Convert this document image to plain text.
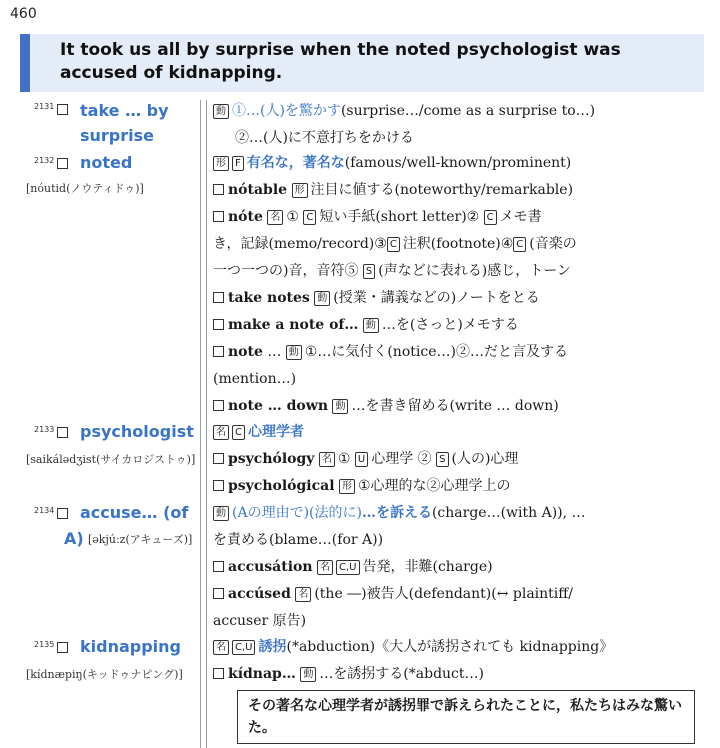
460
It took us all by surprise when the noted psychologist was accused of kidnapping.
2131 take … by
surprise
動 ①…(人)を驚かす(surprise…/come as a surprise to…)
②…(人)に不意打ちをかける
2132 noted
[nóutid(ノウティドゥ)]
形 F 有名な，著名な(famous/well-known/prominent)
nótable 形 注目に値する(noteworthy/remarkable)
nóte 名 ① C 短い手紙(short letter)② C メモ書
き，記録(memo/record)③ C 注釈(footnote)④ C (音楽の
一つ一つの)音，音符⑤ S (声などに表れる)感じ，トーン
take notes 動 (授業・講義などの)ノートをとる
make a note of… 動 …を(さっと)メモする
note … 動 ①…に気付く(notice…)②…だと言及する
(mention…)
note … down 動 …を書き留める(write … down)
2133 psychologist
[saikálədʒist(サイカロジストゥ)]
名 C 心理学者
psychólogy 名 ① U 心理学 ② S (人の)心理
psychológical 形 ①心理的な②心理学上の
2134 accuse… (of
A) [əkjúːz(アキューズ)]
動 (Aの理由で)(法的に)…を訴える(charge…(with A)), …
を責める(blame…(for A))
accusátion 名 C,U 告発，非難(charge)
accúsed 名 (the ―)被告人(defendant)(↔ plaintiff/
accuser 原告)
2135 kidnapping
[kídnæpiŋ(キッドゥナピング)]
名 C,U 誘拐(*abduction)《大人が誘拐されても kidnapping》
kídnap… 動 …を誘拐する(*abduct…)
その著名な心理学者が誘拐罪で訴えられたことに，私たちはみな驚いた。
